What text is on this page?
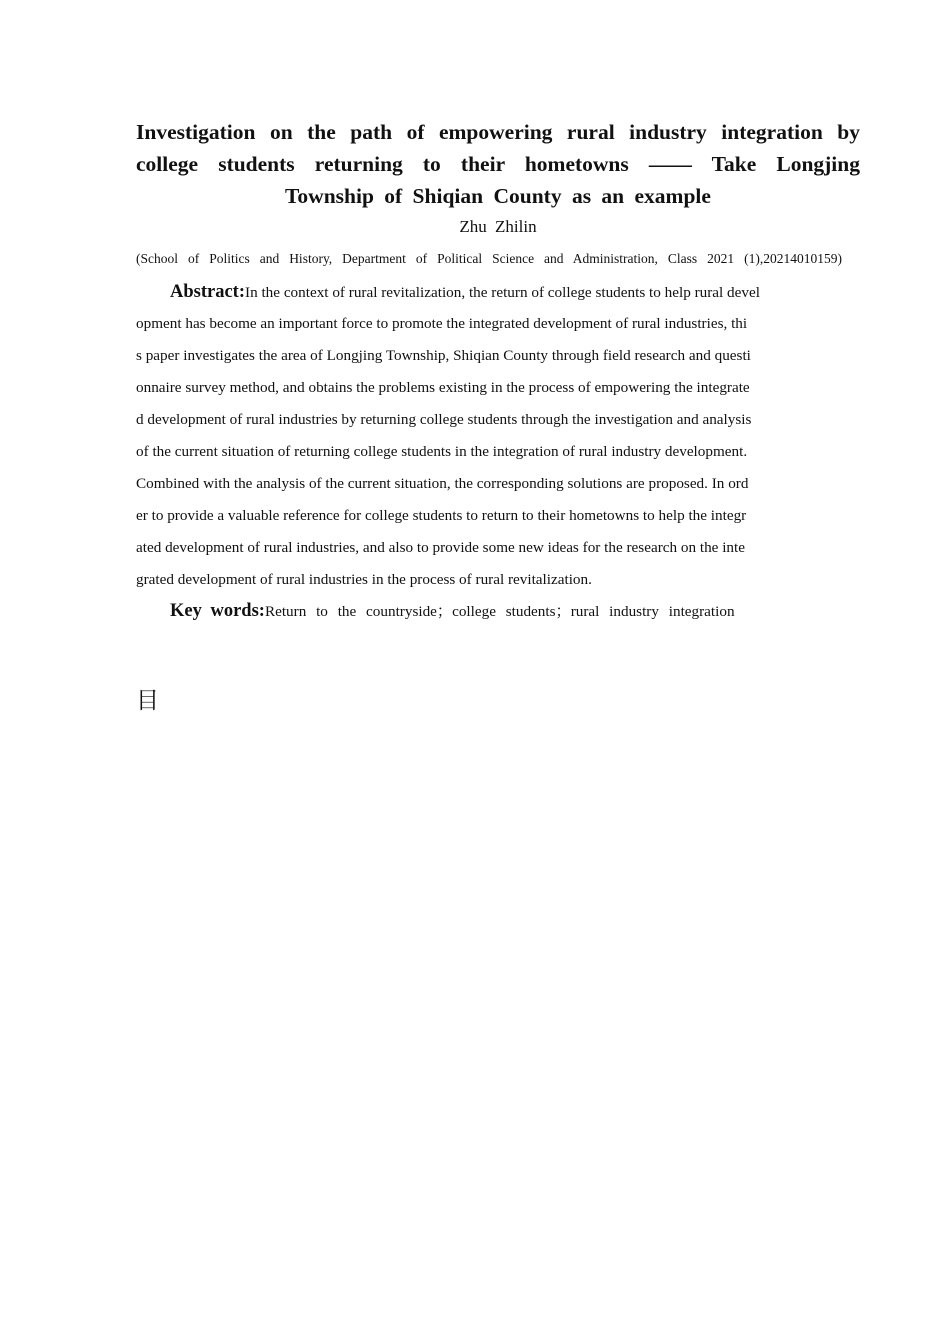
Investigation on the path of empowering rural industry integration by
college students returning to their hometowns —— Take Longjing
Township of Shiqian County as an example
Zhu Zhilin
(School of Politics and History, Department of Political Science and Administration, Class 2021 (1),20214010159)
Abstract:In the context of rural revitalization, the return of college students to help rural devel
opment has become an important force to promote the integrated development of rural industries, thi
s paper investigates the area of Longjing Township, Shiqian County through field research and questi
onnaire survey method, and obtains the problems existing in the process of empowering the integrate
d development of rural industries by returning college students through the investigation and analysis
of the current situation of returning college students in the integration of rural industry development.
Combined with the analysis of the current situation, the corresponding solutions are proposed. In ord
er to provide a valuable reference for college students to return to their hometowns to help the integr
ated development of rural industries, and also to provide some new ideas for the research on the inte
grated development of rural industries in the process of rural revitalization.
Key words:Return to the countryside；college students；rural industry integration
目
